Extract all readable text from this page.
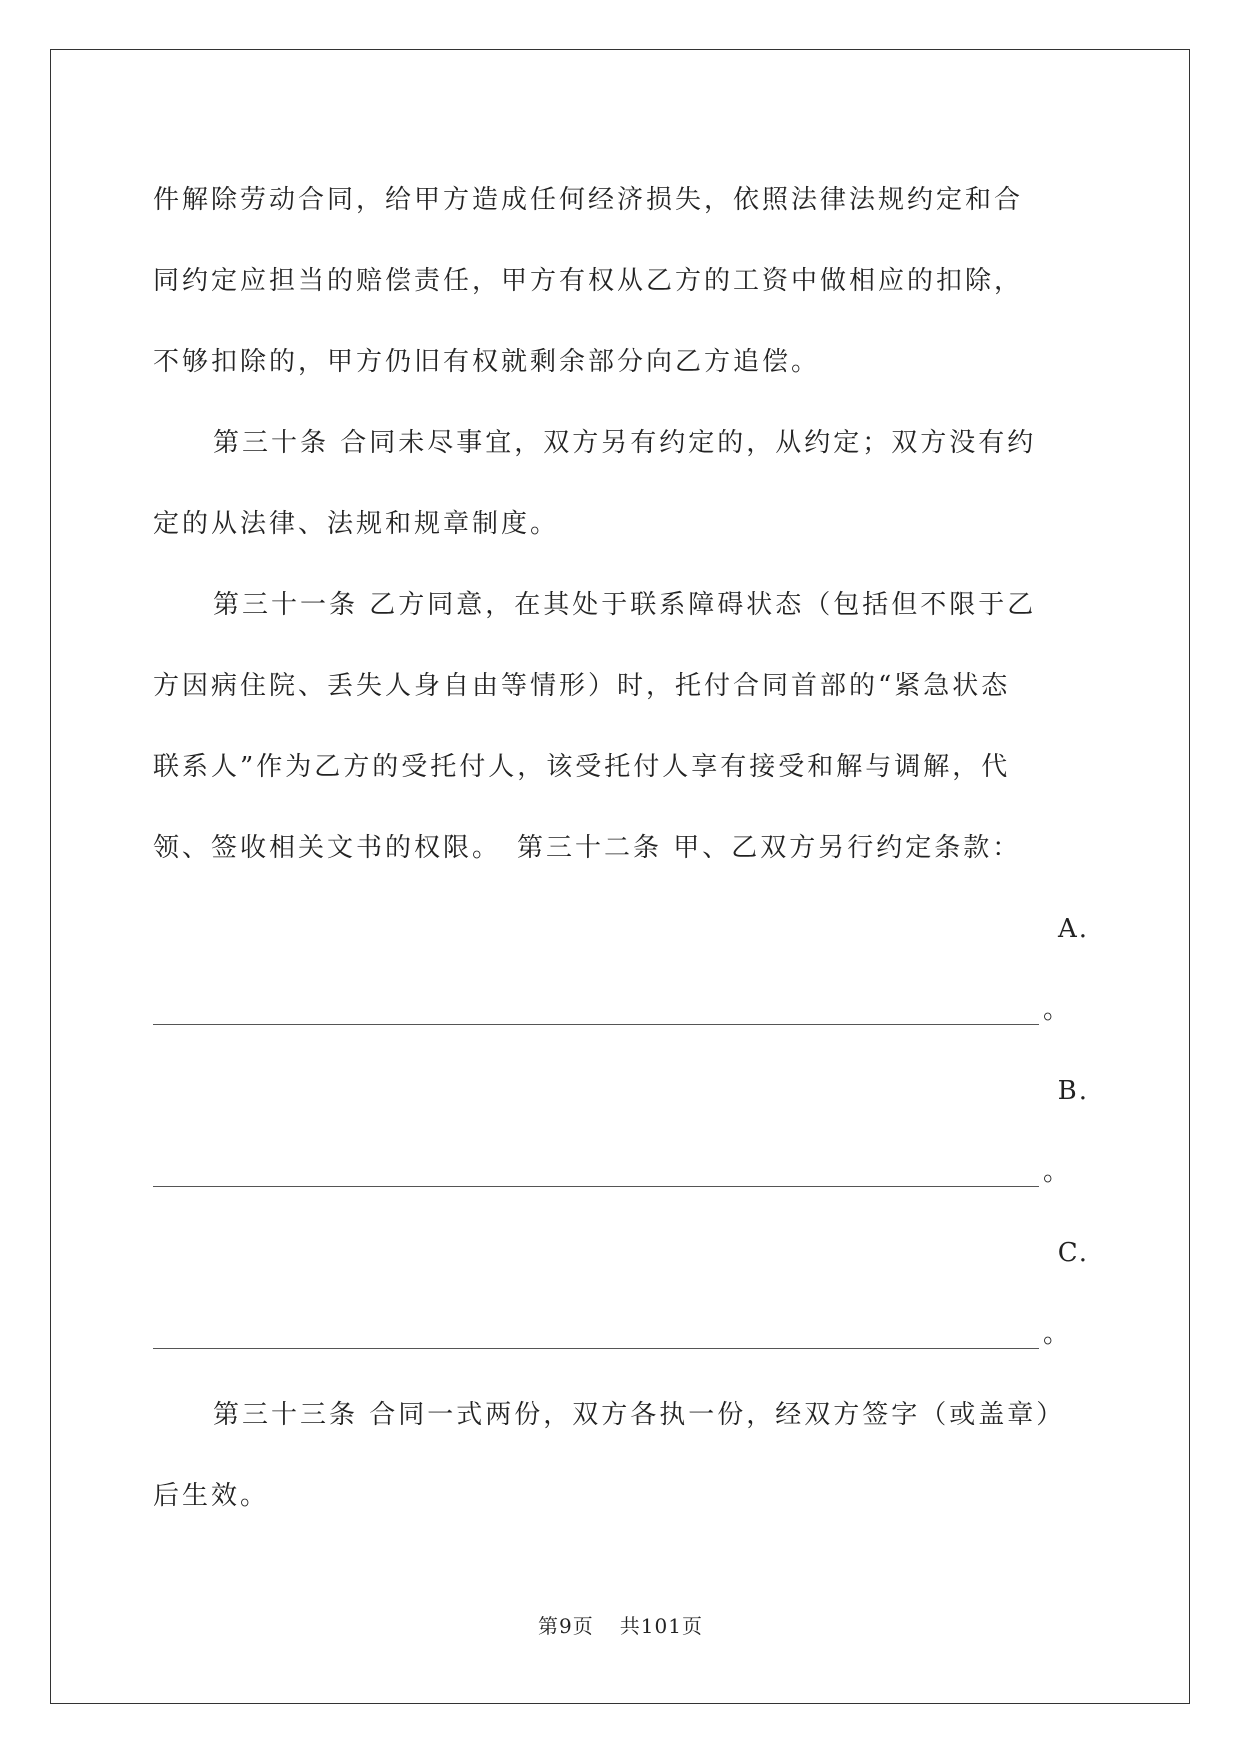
件解除劳动合同，给甲方造成任何经济损失，依照法律法规约定和合
同约定应担当的赔偿责任，甲方有权从乙方的工资中做相应的扣除，
不够扣除的，甲方仍旧有权就剩余部分向乙方追偿。
第三十条 合同未尽事宜，双方另有约定的，从约定；双方没有约
定的从法律、法规和规章制度。
第三十一条 乙方同意，在其处于联系障碍状态（包括但不限于乙
方因病住院、丢失人身自由等情形）时，托付合同首部的“紧急状态
联系人”作为乙方的受托付人，该受托付人享有接受和解与调解，代
领、签收相关文书的权限。　第三十二条 甲、乙双方另行约定条款：
A.
。
B.
。
C.
。
第三十三条 合同一式两份，双方各执一份，经双方签字（或盖章）
后生效。
第9页 共101页
